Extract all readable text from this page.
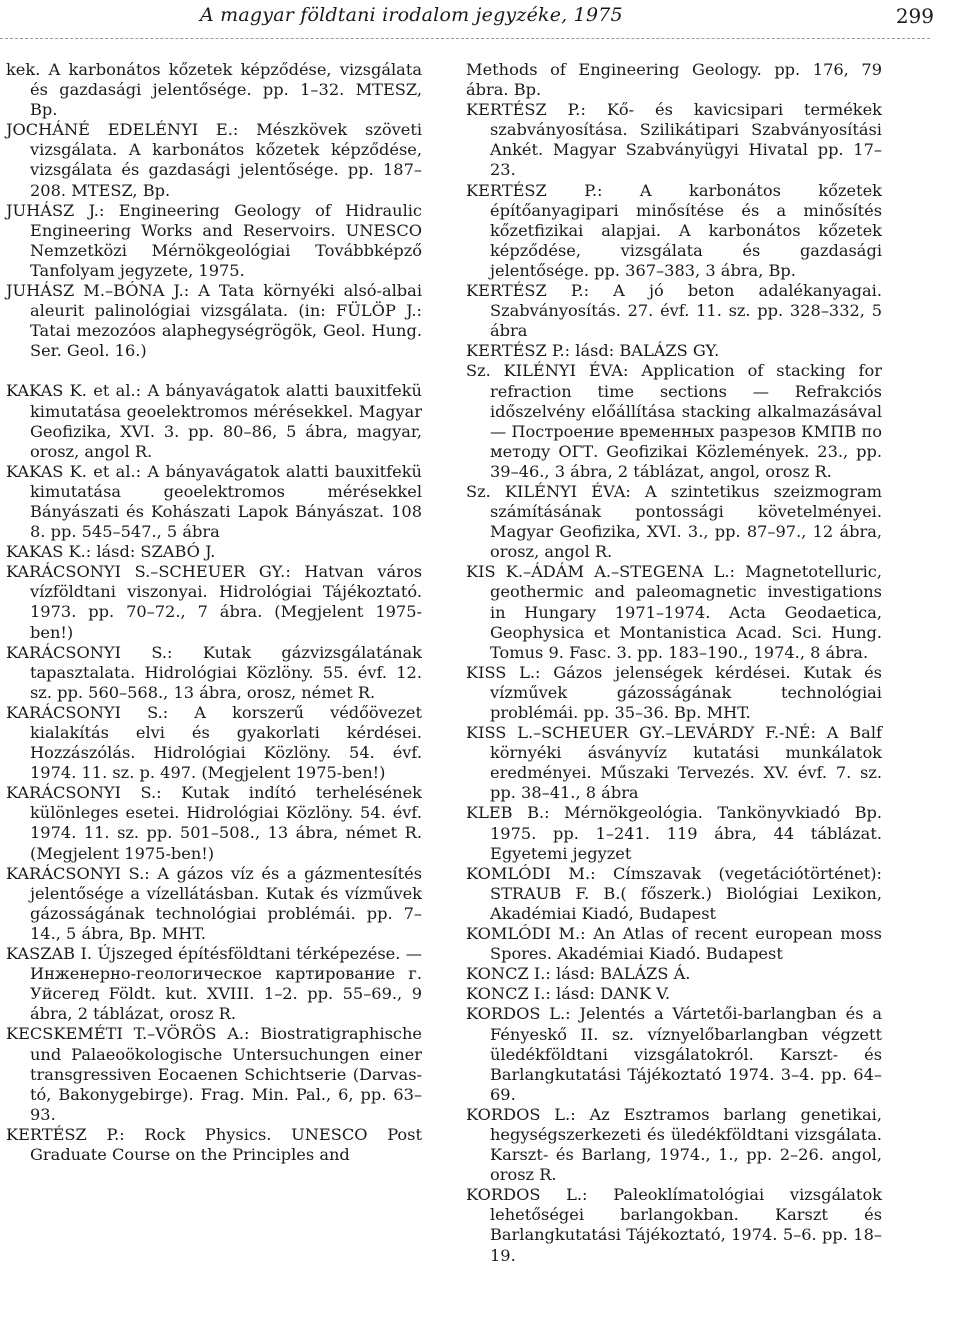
A magyar földtani irodalom jegyzéke, 1975	299

kek. A karbonátos kőzetek képződése, vizsgálata és gazdasági jelentősége. pp. 1–32. MTESZ, Bp.

JOCHÁNÉ EDELÉNYI E.: Mészkövek szöveti vizsgálata. A karbonátos kőzetek képződése, vizsgálata és gazdasági jelentősége. pp. 187–208. MTESZ, Bp.

JUHÁSZ J.: Engineering Geology of Hidraulic Engineering Works and Reservoirs. UNESCO Nemzetközi Mérnökgeológiai Továbbképző Tanfolyam jegyzete, 1975.

JUHÁSZ M.–BÓNA J.: A Tata környéki alsó-albai aleurit palinológiai vizsgálata. (in: FÜLÖP J.: Tatai mezozóos alaphegységrögök, Geol. Hung. Ser. Geol. 16.)

KAKAS K. et al.: A bányavágatok alatti bauxitfekü kimutatása geoelektromos mérésekkel. Magyar Geofizika, XVI. 3. pp. 80–86, 5 ábra, magyar, orosz, angol R.

KAKAS K. et al.: A bányavágatok alatti bauxitfekü kimutatása geoelektromos mérésekkel Bányászati és Kohászati Lapok Bányászat. 108 8. pp. 545–547., 5 ábra

KAKAS K.: lásd: SZABÓ J.

KARÁCSONYI S.–SCHEUER GY.: Hatvan város vízföldtani viszonyai. Hidrológiai Tájékoztató. 1973. pp. 70–72., 7 ábra. (Megjelent 1975-ben!)

KARÁCSONYI S.: Kutak gázvizsgálatának tapasztalata. Hidrológiai Közlöny. 55. évf. 12. sz. pp. 560–568., 13 ábra, orosz, német R.

KARÁCSONYI S.: A korszerű védőövezet kialakítás elvi és gyakorlati kérdései. Hozzászólás. Hidrológiai Közlöny. 54. évf. 1974. 11. sz. p. 497. (Megjelent 1975-ben!)

KARÁCSONYI S.: Kutak indító terhelésének különleges esetei. Hidrológiai Közlöny. 54. évf. 1974. 11. sz. pp. 501–508., 13 ábra, német R. (Megjelent 1975-ben!)

KARÁCSONYI S.: A gázos víz és a gázmentesítés jelentősége a vízellátásban. Kutak és vízművek gázosságának technológiai problémái. pp. 7–14., 5 ábra, Bp. MHT.

KASZAB I. Újszeged építésföldtani térképezése. — Инженерно-геологическое картирование г. Уйсегед Földt. kut. XVIII. 1–2. pp. 55–69., 9 ábra, 2 táblázat, orosz R.

KECSKEMÉTI T.–VÖRÖS A.: Biostratigraphische und Palaeoökologische Untersuchungen einer transgressiven Eocaenen Schichtserie (Darvas-tó, Bakonygebirge). Frag. Min. Pal., 6, pp. 63–93.

KERTÉSZ P.: Rock Physics. UNESCO Post Graduate Course on the Principles and

Methods of Engineering Geology. pp. 176, 79 ábra. Bp.

KERTÉSZ P.: Kő- és kavicsipari termékek szabványosítása. Szilikátipari Szabványosítási Ankét. Magyar Szabványügyi Hivatal pp. 17–23.

KERTÉSZ P.: A karbonátos kőzetek építőanyagipari minősítése és a minősítés kőzetfizikai alapjai. A karbonátos kőzetek képződése, vizsgálata és gazdasági jelentősége. pp. 367–383, 3 ábra, Bp.

KERTÉSZ P.: A jó beton adalékanyagai. Szabványosítás. 27. évf. 11. sz. pp. 328–332, 5 ábra

KERTÉSZ P.: lásd: BALÁZS GY.

Sz. KILÉNYI ÉVA: Application of stacking for refraction time sections — Refrakciós időszelvény előállítása stacking alkalmazásával — Построение временных разрезов КМПВ по методу ОГТ. Geofizikai Közlemények. 23., pp. 39–46., 3 ábra, 2 táblázat, angol, orosz R.

Sz. KILÉNYI ÉVA: A szintetikus szeizmogram számításának pontossági követelményei. Magyar Geofizika, XVI. 3., pp. 87–97., 12 ábra, orosz, angol R.

KIS K.–ÁDÁM A.–STEGENA L.: Magnetotelluric, geothermic and paleomagnetic investigations in Hungary 1971–1974. Acta Geodaetica, Geophysica et Montanistica Acad. Sci. Hung. Tomus 9. Fasc. 3. pp. 183–190., 1974., 8 ábra.

KISS L.: Gázos jelenségek kérdései. Kutak és vízművek gázosságának technológiai problémái. pp. 35–36. Bp. MHT.

KISS L.–SCHEUER GY.–LEVÁRDY F.-NÉ: A Balf környéki ásványvíz kutatási munkálatok eredményei. Műszaki Tervezés. XV. évf. 7. sz. pp. 38–41., 8 ábra

KLEB B.: Mérnökgeológia. Tankönyvkiadó Bp. 1975. pp. 1–241. 119 ábra, 44 táblázat. Egyetemi jegyzet

KOMLÓDI M.: Címszavak (vegetációtörténet): STRAUB F. B.( főszerk.) Biológiai Lexikon, Akadémiai Kiadó, Budapest

KOMLÓDI M.: An Atlas of recent european moss Spores. Akadémiai Kiadó. Budapest

KONCZ I.: lásd: BALÁZS Á.

KONCZ I.: lásd: DANK V.

KORDOS L.: Jelentés a Vártetői-barlangban és a Fényeskő II. sz. víznyelőbarlangban végzett üledékföldtani vizsgálatokról. Karszt- és Barlangkutatási Tájékoztató 1974. 3–4. pp. 64–69.

KORDOS L.: Az Esztramos barlang genetikai, hegységszerkezeti és üledékföldtani vizsgálata. Karszt- és Barlang, 1974., 1., pp. 2–26. angol, orosz R.

KORDOS L.: Paleoklímatológiai vizsgálatok lehetőségei barlangokban. Karszt és Barlangkutatási Tájékoztató, 1974. 5–6. pp. 18–19.
